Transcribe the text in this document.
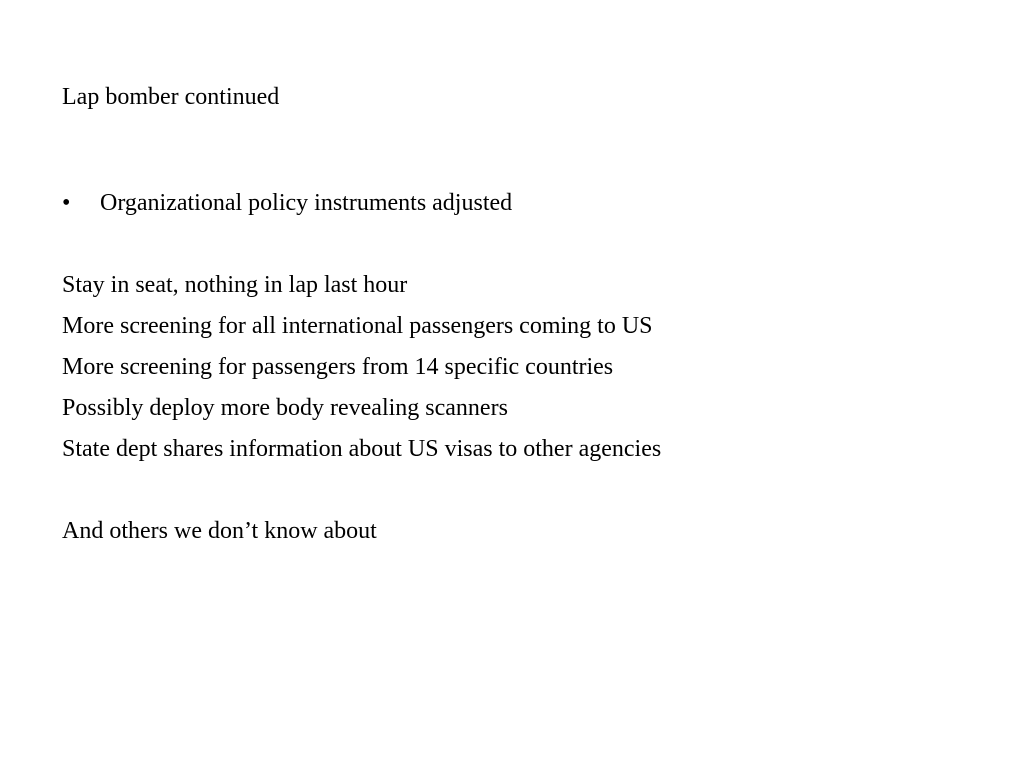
Lap bomber continued
• Organizational policy instruments adjusted
Stay in seat, nothing in lap last hour
More screening for all international passengers coming to US
More screening for passengers from 14 specific countries
Possibly deploy more body revealing scanners
State dept shares information about US visas to other agencies
And others we don’t know about
